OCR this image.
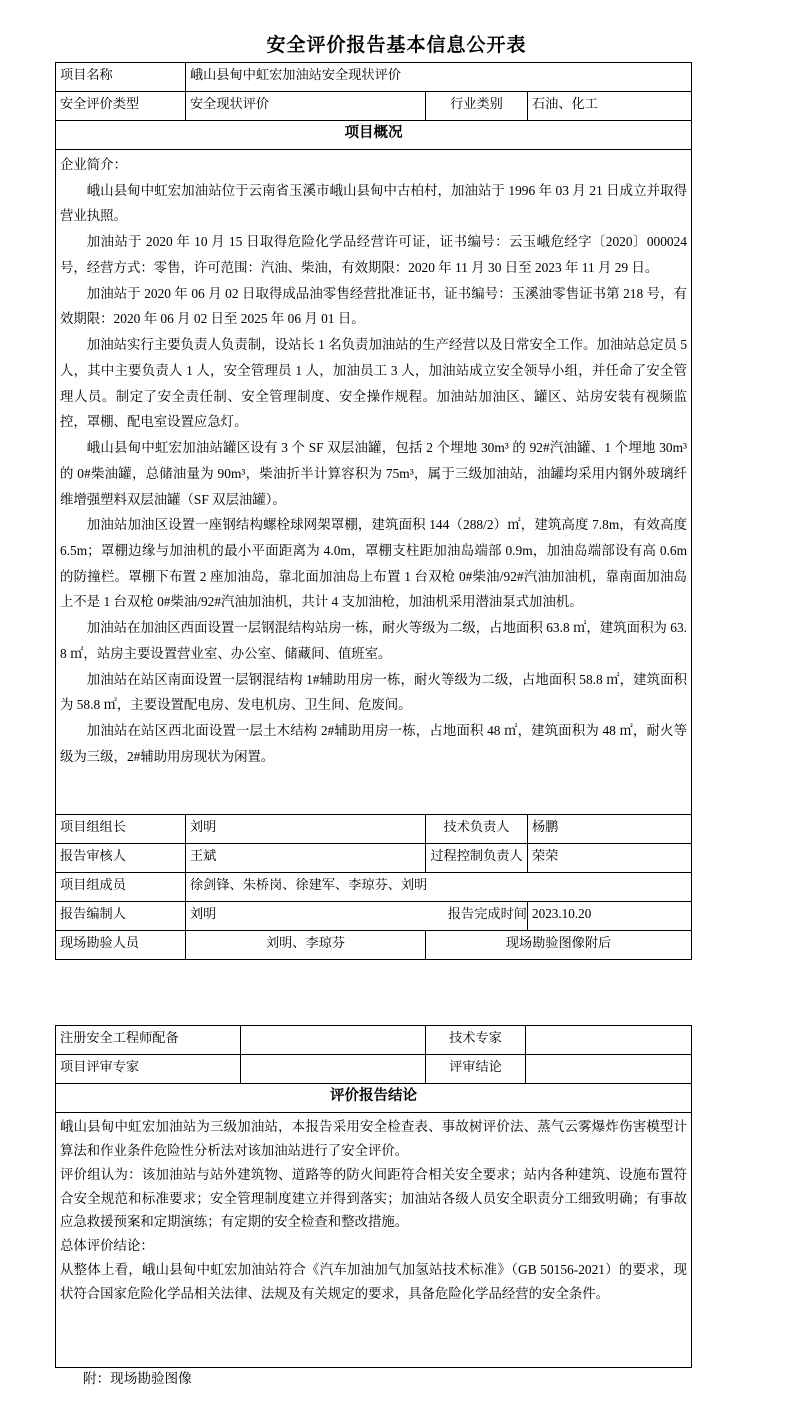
安全评价报告基本信息公开表
项目名称	峨山县甸中虹宏加油站安全现状评价		
安全评价类型	安全现状评价	行业类别	石油、化工
项目概况			

企业简介：

峨山县甸中虹宏加油站位于云南省玉溪市峨山县甸中古柏村，加油站于 1996 年 03 月 21 日成立并取得营业执照。

加油站于 2020 年 10 月 15 日取得危险化学品经营许可证，证书编号：云玉峨危经字〔2020〕000024 号，经营方式：零售，许可范围：汽油、柴油，有效期限：2020 年 11 月 30 日至 2023 年 11 月 29 日。

加油站于 2020 年 06 月 02 日取得成品油零售经营批准证书，证书编号：玉溪油零售证书第 218 号，有效期限：2020 年 06 月 02 日至 2025 年 06 月 01 日。

加油站实行主要负责人负责制，设站长 1 名负责加油站的生产经营以及日常安全工作。加油站总定员 5 人，其中主要负责人 1 人，安全管理员 1 人，加油员工 3 人，加油站成立安全领导小组，并任命了安全管理人员。制定了安全责任制、安全管理制度、安全操作规程。加油站加油区、罐区、站房安装有视频监控，罩棚、配电室设置应急灯。

峨山县甸中虹宏加油站罐区设有 3 个 SF 双层油罐，包括 2 个埋地 30m³ 的 92#汽油罐、1 个埋地 30m³ 的 0#柴油罐，总储油量为 90m³，柴油折半计算容积为 75m³，属于三级加油站，油罐均采用内钢外玻璃纤维增强塑料双层油罐（SF 双层油罐）。

加油站加油区设置一座钢结构螺栓球网架罩棚，建筑面积 144（288/2）㎡，建筑高度 7.8m，有效高度 6.5m；罩棚边缘与加油机的最小平面距离为 4.0m，罩棚支柱距加油岛端部 0.9m，加油岛端部设有高 0.6m 的防撞栏。罩棚下布置 2 座加油岛，靠北面加油岛上布置 1 台双枪 0#柴油/92#汽油加油机，靠南面加油岛上不是 1 台双枪 0#柴油/92#汽油加油机，共计 4 支加油枪，加油机采用潜油泵式加油机。

加油站在加油区西面设置一层钢混结构站房一栋，耐火等级为二级，占地面积 63.8 ㎡，建筑面积为 63.8 ㎡，站房主要设置营业室、办公室、储藏间、值班室。

加油站在站区南面设置一层钢混结构 1#辅助用房一栋，耐火等级为二级，占地面积 58.8 ㎡，建筑面积为 58.8 ㎡，主要设置配电房、发电机房、卫生间、危废间。

加油站在站区西北面设置一层土木结构 2#辅助用房一栋，占地面积 48 ㎡，建筑面积为 48 ㎡，耐火等级为三级，2#辅助用房现状为闲置。

项目组组长	刘明	技术负责人	杨鹏
报告审核人	王斌	过程控制负责人	荣荣
项目组成员	徐剑锋、朱桥岗、徐建军、李琼芬、刘明		
报告编制人	刘明	报告完成时间	2023.10.20
现场勘验人员	刘明、李琼芬	现场勘验图像附后	
注册安全工程师配备		技术专家	
项目评审专家		评审结论	
评价报告结论			

峨山县甸中虹宏加油站为三级加油站，本报告采用安全检查表、事故树评价法、蒸气云雾爆炸伤害模型计算法和作业条件危险性分析法对该加油站进行了安全评价。

评价组认为：该加油站与站外建筑物、道路等的防火间距符合相关安全要求；站内各种建筑、设施布置符合安全规范和标准要求；安全管理制度建立并得到落实；加油站各级人员安全职责分工细致明确；有事故应急救援预案和定期演练；有定期的安全检查和整改措施。

总体评价结论：

从整体上看，峨山县甸中虹宏加油站符合《汽车加油加气加氢站技术标准》（GB 50156-2021）的要求，现状符合国家危险化学品相关法律、法规及有关规定的要求，具备危险化学品经营的安全条件。			

附：现场勘验图像
